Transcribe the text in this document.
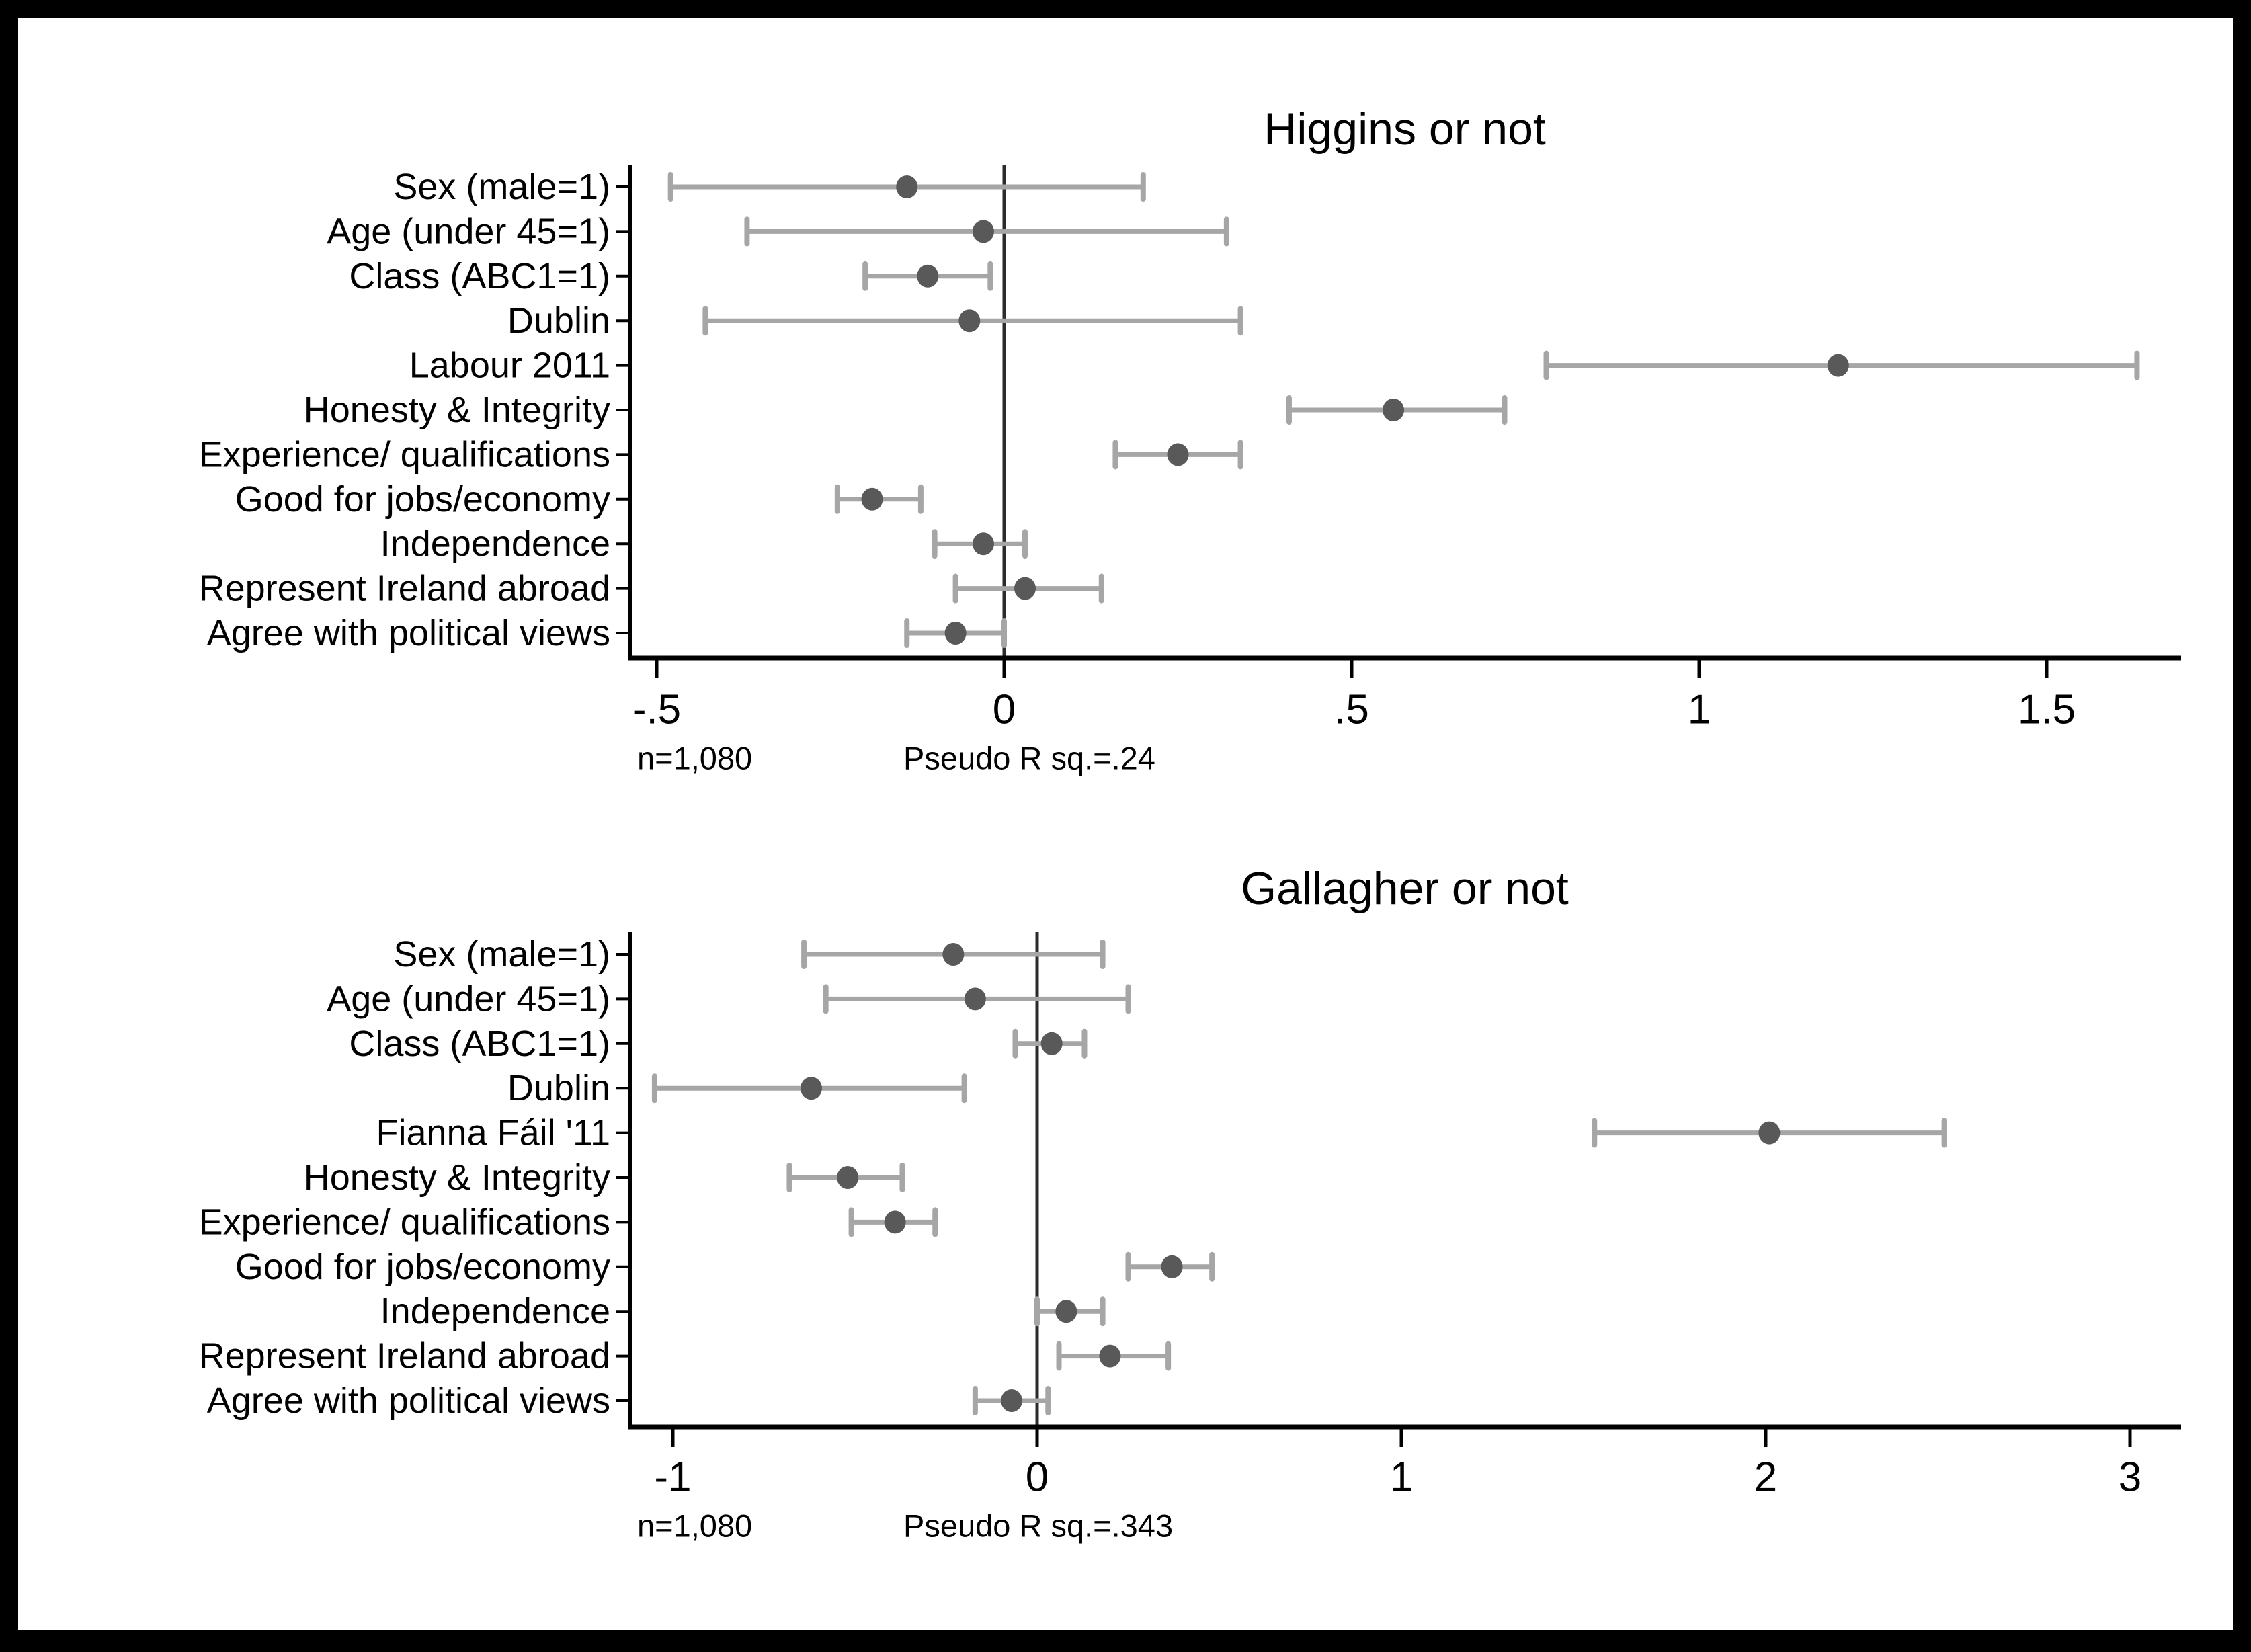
Higgins or not
-.5	0	.5	1	1.5
n=1,080	Pseudo R sq.=.24
Sex (male=1)
Age (under 45=1)
Class (ABC1=1)
Dublin
Labour 2011
Honesty & Integrity
Experience/ qualifications
Good for jobs/economy
Independence
Represent Ireland abroad
Agree with political views
Gallagher or not
-1	0	1	2	3
n=1,080	Pseudo R sq.=.343
Sex (male=1)
Age (under 45=1)
Class (ABC1=1)
Dublin
Fianna Fáil '11
Honesty & Integrity
Experience/ qualifications
Good for jobs/economy
Independence
Represent Ireland abroad
Agree with political views
